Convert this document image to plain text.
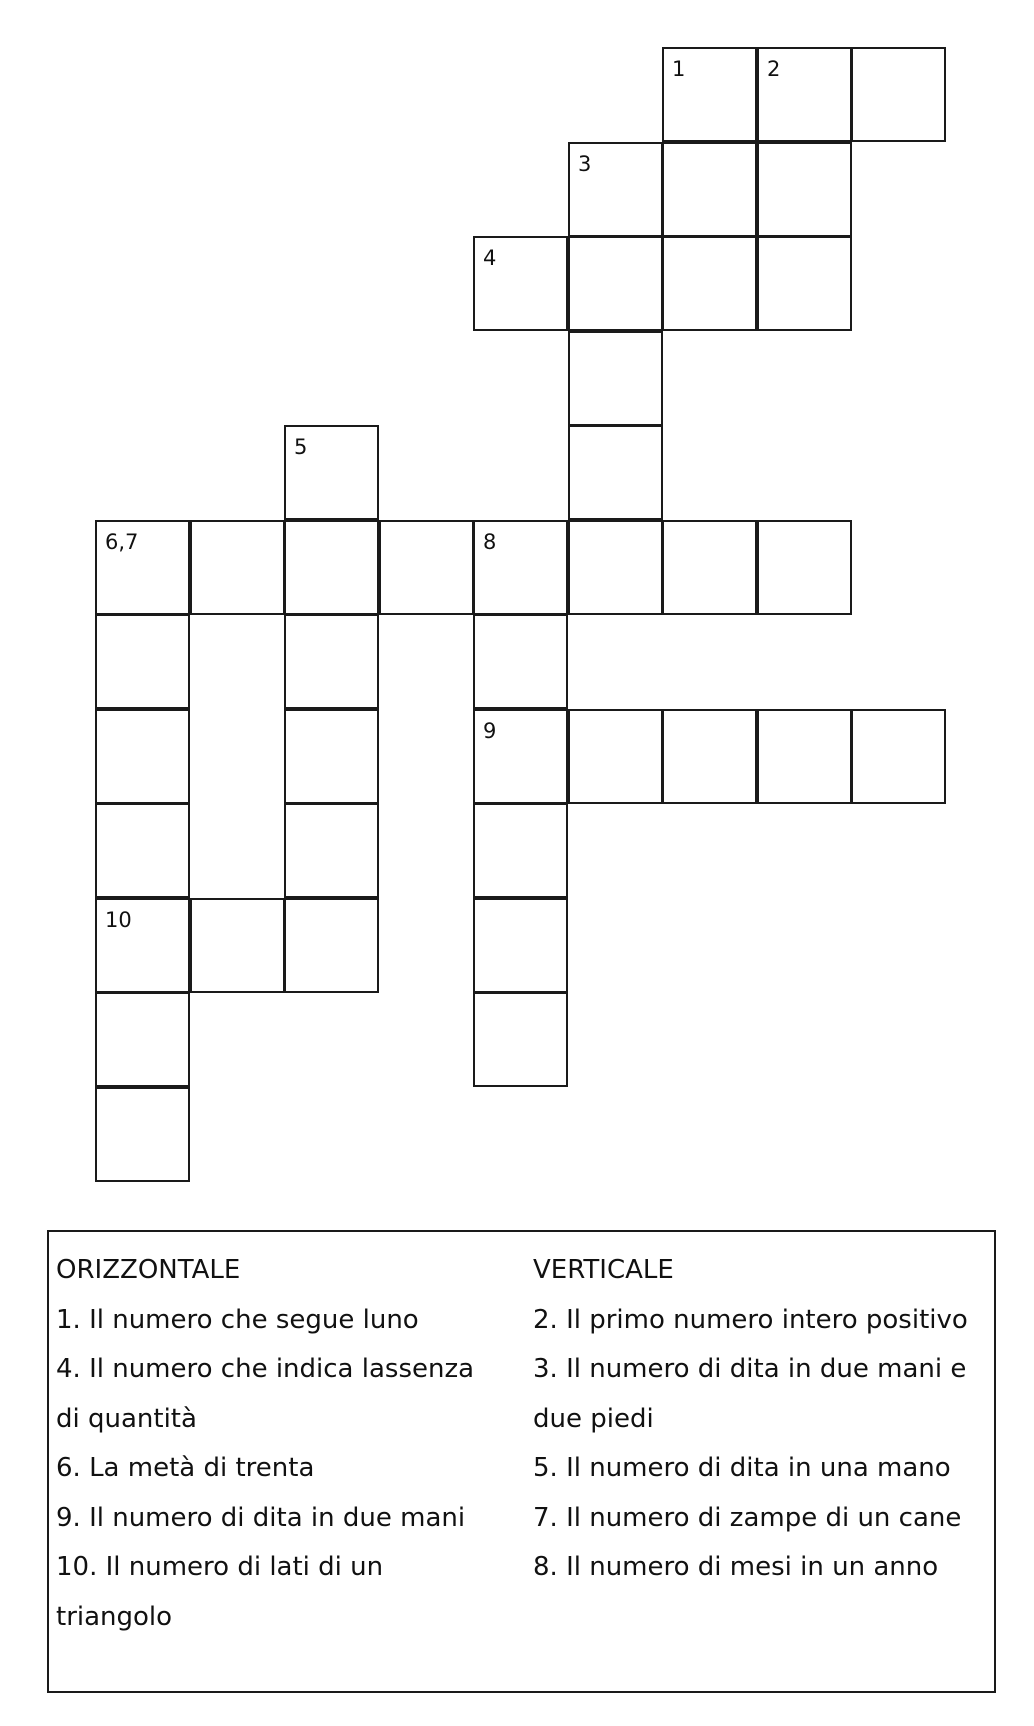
1	2
3
4
5
6,7	8
9
10
ORIZZONTALE
1. Il numero che segue luno
4. Il numero che indica lassenza
di quantità
6. La metà di trenta
9. Il numero di dita in due mani
10. Il numero di lati di un
triangolo
VERTICALE
2. Il primo numero intero positivo
3. Il numero di dita in due mani e
due piedi
5. Il numero di dita in una mano
7. Il numero di zampe di un cane
8. Il numero di mesi in un anno
